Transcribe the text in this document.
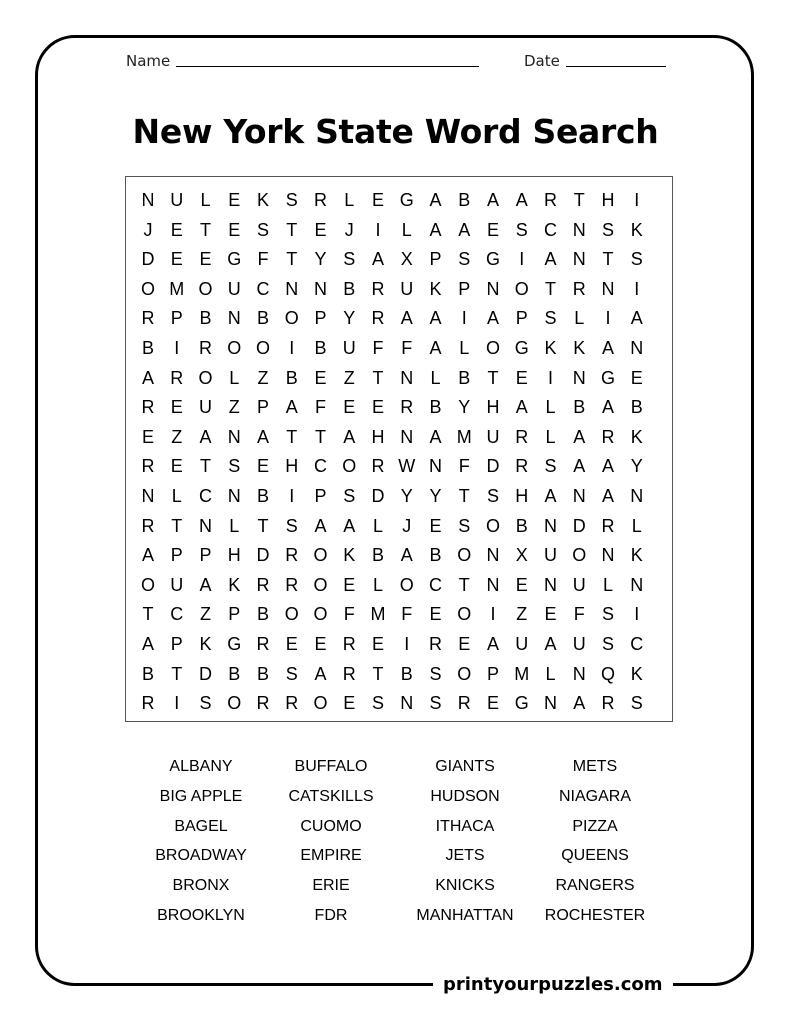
Name	Date
New York State Word Search
N U L E K S R L E G A B A A R T H	I
J	E T E S T E	J	I	L A A E S C N S K
D E E G F T Y S A X P S G	I	A N T S
O M O U C N N B R U K P N O T R N	I
R P B N B O P Y R A A	I	A P S L	I	A
B	I	R O O	I	B U F F A L O G K K A N
A R O L	Z B E Z T N L B T E	I	N G E
R E U Z P A F E E R B Y H A L B A B
E Z A N A T T A H N A M U R L A R K
R E T S E H C O R W N F D R S A A Y
N L C N B	I	P S D Y Y T S H A N A N
R T N L	T S A A L	J	E S O B N D R L
A P P H D R O K B A B O N X U O N K
O U A K R R O E L O C T N E N U L N
T C Z P B O O F M F E O	I	Z E F S	I
A P K G R E E R E	I	R E A U A U S C
B T D B B S A R T B S O P M L N Q K
R	I	S O R R O E S N S R E G N A R S
ALBANY	BUFFALO	GIANTS	METS
BIG APPLE	CATSKILLS	HUDSON	NIAGARA
BAGEL	CUOMO	ITHACA	PIZZA
BROADWAY	EMPIRE	JETS	QUEENS
BRONX	ERIE	KNICKS	RANGERS
BROOKLYN	FDR	MANHATTAN	ROCHESTER
printyourpuzzles.com
